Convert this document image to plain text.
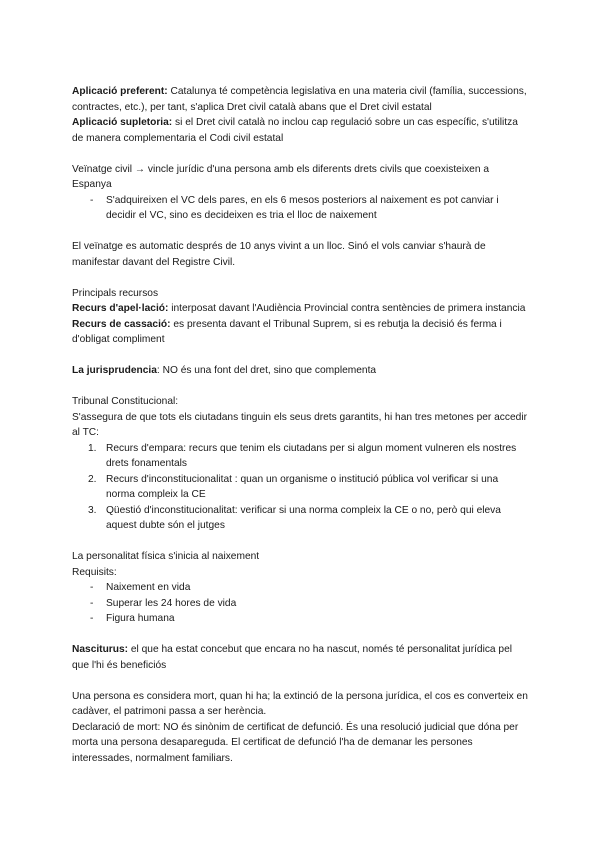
Aplicació preferent: Catalunya té competència legislativa en una materia civil (família, successions, contractes, etc.), per tant, s'aplica Dret civil català abans que el Dret civil estatal

Aplicació supletoria: si el Dret civil català no inclou cap regulació sobre un cas específic, s'utilitza de manera complementaria el Codi civil estatal

Veïnatge civil → vincle jurídic d'una persona amb els diferents drets civils que coexisteixen a Espanya

- S'adquireixen el VC dels pares, en els 6 mesos posteriors al naixement es pot canviar i decidir el VC, sino es decideixen es tria el lloc de naixement

El veïnatge es automatic després de 10 anys vivint a un lloc. Sinó el vols canviar s'haurà de manifestar davant del Registre Civil.

Principals recursos

Recurs d'apel·lació: interposat davant l'Audiència Provincial contra sentències de primera instancia

Recurs de cassació: es presenta davant el Tribunal Suprem, si es rebutja la decisió és ferma i d'obligat compliment

La jurisprudencia: NO és una font del dret, sino que complementa

Tribunal Constitucional:

S'assegura de que tots els ciutadans tinguin els seus drets garantits, hi han tres metones per accedir al TC:

1. Recurs d'empara: recurs que tenim els ciutadans per si algun moment vulneren els nostres drets fonamentals
2. Recurs d'inconstitucionalitat : quan un organisme o institució pública vol verificar si una norma compleix la CE
3. Qüestió d'inconstitucionalitat: verificar si una norma compleix la CE o no, però qui eleva aquest dubte són el jutges

La personalitat física s'inicia al naixement

Requisits:

- Naixement en vida
- Superar les 24 hores de vida
- Figura humana

Nasciturus: el que ha estat concebut que encara no ha nascut, només té personalitat jurídica pel que l'hi és beneficiós

Una persona es considera mort, quan hi ha; la extinció de la persona jurídica, el cos es converteix en cadàver, el patrimoni passa a ser herència.

Declaració de mort: NO és sinònim de certificat de defunció. És una resolució judicial que dóna per morta una persona desapareguda. El certificat de defunció l'ha de demanar les persones interessades, normalment familiars.
